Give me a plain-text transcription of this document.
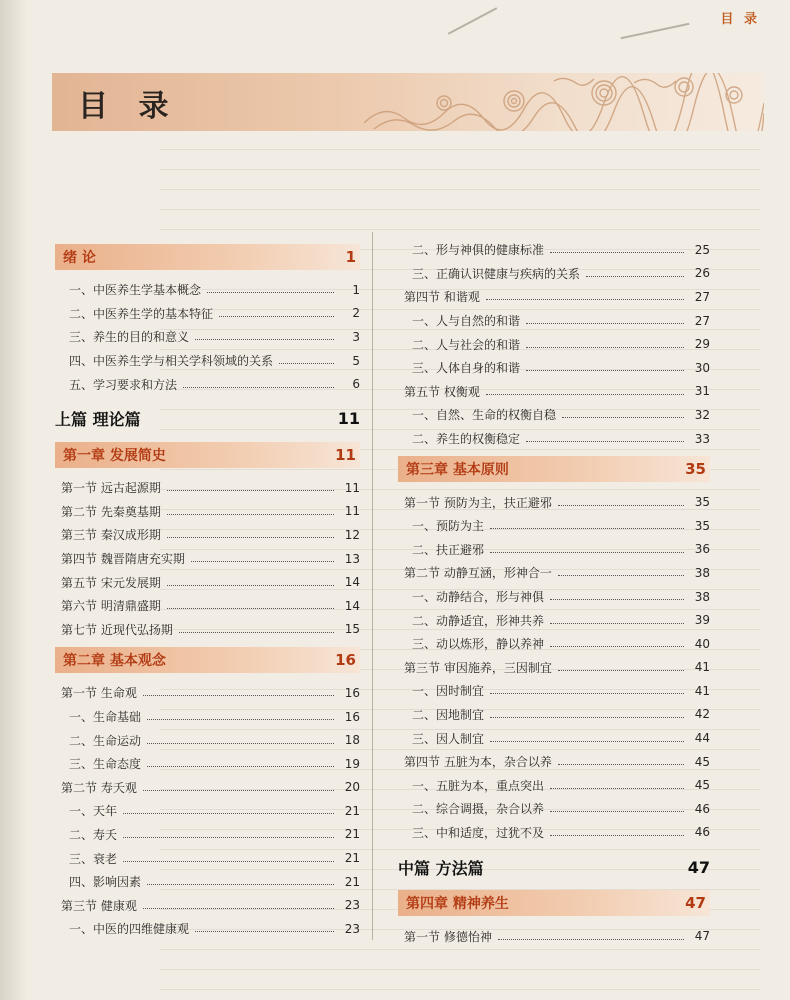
目 录
目 录
绪 论	1
一、中医养生学基本概念	1
二、中医养生学的基本特征	2
三、养生的目的和意义	3
四、中医养生学与相关学科领域的关系	5
五、学习要求和方法	6
上篇 理论篇	11
第一章 发展简史	11
第一节 远古起源期	11
第二节 先秦奠基期	11
第三节 秦汉成形期	12
第四节 魏晋隋唐充实期	13
第五节 宋元发展期	14
第六节 明清鼎盛期	14
第七节 近现代弘扬期	15
第二章 基本观念	16
第一节 生命观	16
一、生命基础	16
二、生命运动	18
三、生命态度	19
第二节 寿夭观	20
一、天年	21
二、寿夭	21
三、衰老	21
四、影响因素	21
第三节 健康观	23
一、中医的四维健康观	23
二、形与神俱的健康标准	25
三、正确认识健康与疾病的关系	26
第四节 和谐观	27
一、人与自然的和谐	27
二、人与社会的和谐	29
三、人体自身的和谐	30
第五节 权衡观	31
一、自然、生命的权衡自稳	32
二、养生的权衡稳定	33
第三章 基本原则	35
第一节 预防为主，扶正避邪	35
一、预防为主	35
二、扶正避邪	36
第二节 动静互涵，形神合一	38
一、动静结合，形与神俱	38
二、动静适宜，形神共养	39
三、动以炼形，静以养神	40
第三节 审因施养，三因制宜	41
一、因时制宜	41
二、因地制宜	42
三、因人制宜	44
第四节 五脏为本，杂合以养	45
一、五脏为本，重点突出	45
二、综合调摄，杂合以养	46
三、中和适度，过犹不及	46
中篇 方法篇	47
第四章 精神养生	47
第一节 修德怡神	47
